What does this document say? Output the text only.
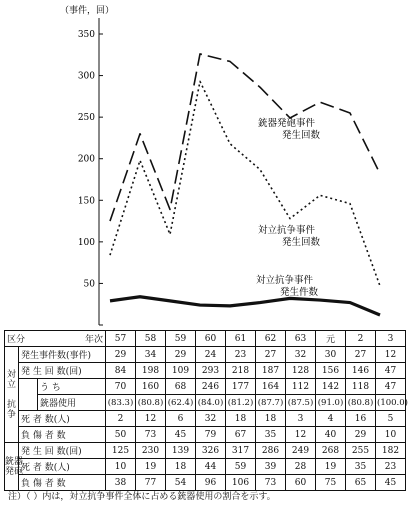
（事件，回）
50
100
150
200
250
300
350
銃器発砲事件
発生回数
対立抗争事件
発生回数
対立抗争事件
発生件数
区分 年次			57	58	59	60	61	62	63	元	2	3
対
立

抗
争	発生事件数(事件)		29	34	29	24	23	27	32	30	27	12
	発 生 回 数(回)		84	198	109	293	218	187	128	156	146	47
		う ち	70	160	68	246	177	164	112	142	118	47
		銃器使用	(83.3)	(80.8)	(62.4)	(84.0)	(81.2)	(87.7)	(87.5)	(91.0)	(80.8)	(100.0)
	死 者 数(人)		2	12	6	32	18	18	3	4	16	5
	負 傷 者 数		50	73	45	79	67	35	12	40	29	10
銃器
発砲	発 生 回 数(回)		125	230	139	326	317	286	249	268	255	182
	死 者 数(人)		10	19	18	44	59	39	28	19	35	23
	負 傷 者 数		38	77	54	96	106	73	60	75	65	45
注）（ ）内は，対立抗争事件全体に占める銃器使用の割合を示す。
